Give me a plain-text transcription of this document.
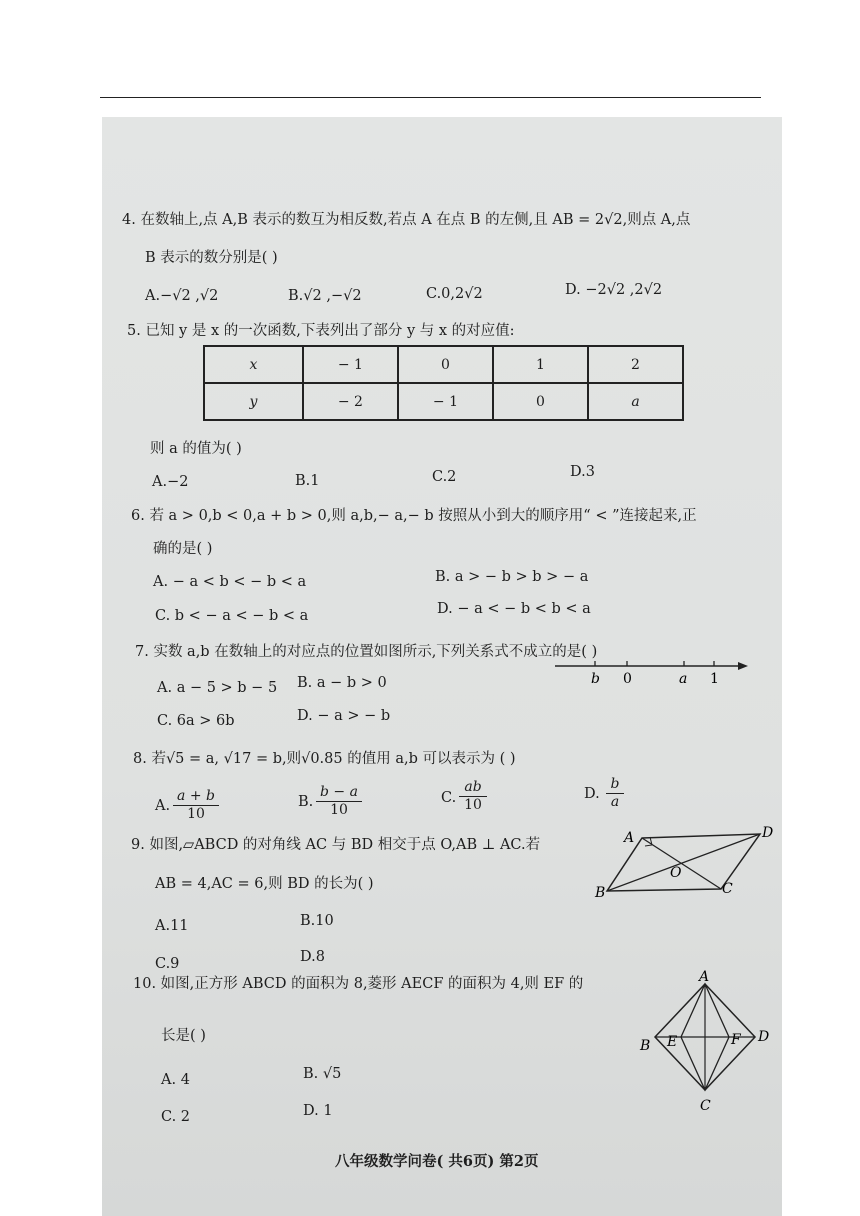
4. 在数轴上,点 A,B 表示的数互为相反数,若点 A 在点 B 的左侧,且 AB = 2√2,则点 A,点
B 表示的数分别是( )
A.−√2 ,√2	B.√2 ,−√2	C.0,2√2	D. −2√2 ,2√2
5. 已知 y 是 x 的一次函数,下表列出了部分 y 与 x 的对应值:
x	− 1	0	1	2
y	− 2	− 1	0	a
则 a 的值为( )
A.−2	B.1	C.2	D.3
6. 若 a > 0,b < 0,a + b > 0,则 a,b,− a,− b 按照从小到大的顺序用“ < ”连接起来,正
确的是( )
A. − a < b < − b < a	B. a > − b > b > − a
C. b < − a < − b < a	D. − a < − b < b < a
7. 实数 a,b 在数轴上的对应点的位置如图所示,下列关系式不成立的是( )
A. a − 5 > b − 5 B. a − b > 0
C. 6a > 6b	D. − a > − b
b 0	a 1
8. 若√5 = a, √17 = b,则√0.85 的值用 a,b 可以表示为 ( )
A. $\frac{a + b}{10}$	B. $\frac{b - a}{10}$	C. $\frac{ab}{10}$	D. $\frac{b}{a}$
9. 如图,▱ABCD 的对角线 AC 与 BD 相交于点 O,AB ⊥ AC.若
AB = 4,AC = 6,则 BD 的长为( )
A.11	B.10
C.9	D.8
A	D
C
B
O
10. 如图,正方形 ABCD 的面积为 8,菱形 AECF 的面积为 4,则 EF 的
长是( )
A. 4	B. √5
C. 2	D. 1
A
D
C
B E	F
八年级数学问卷( 共6页) 第2页
